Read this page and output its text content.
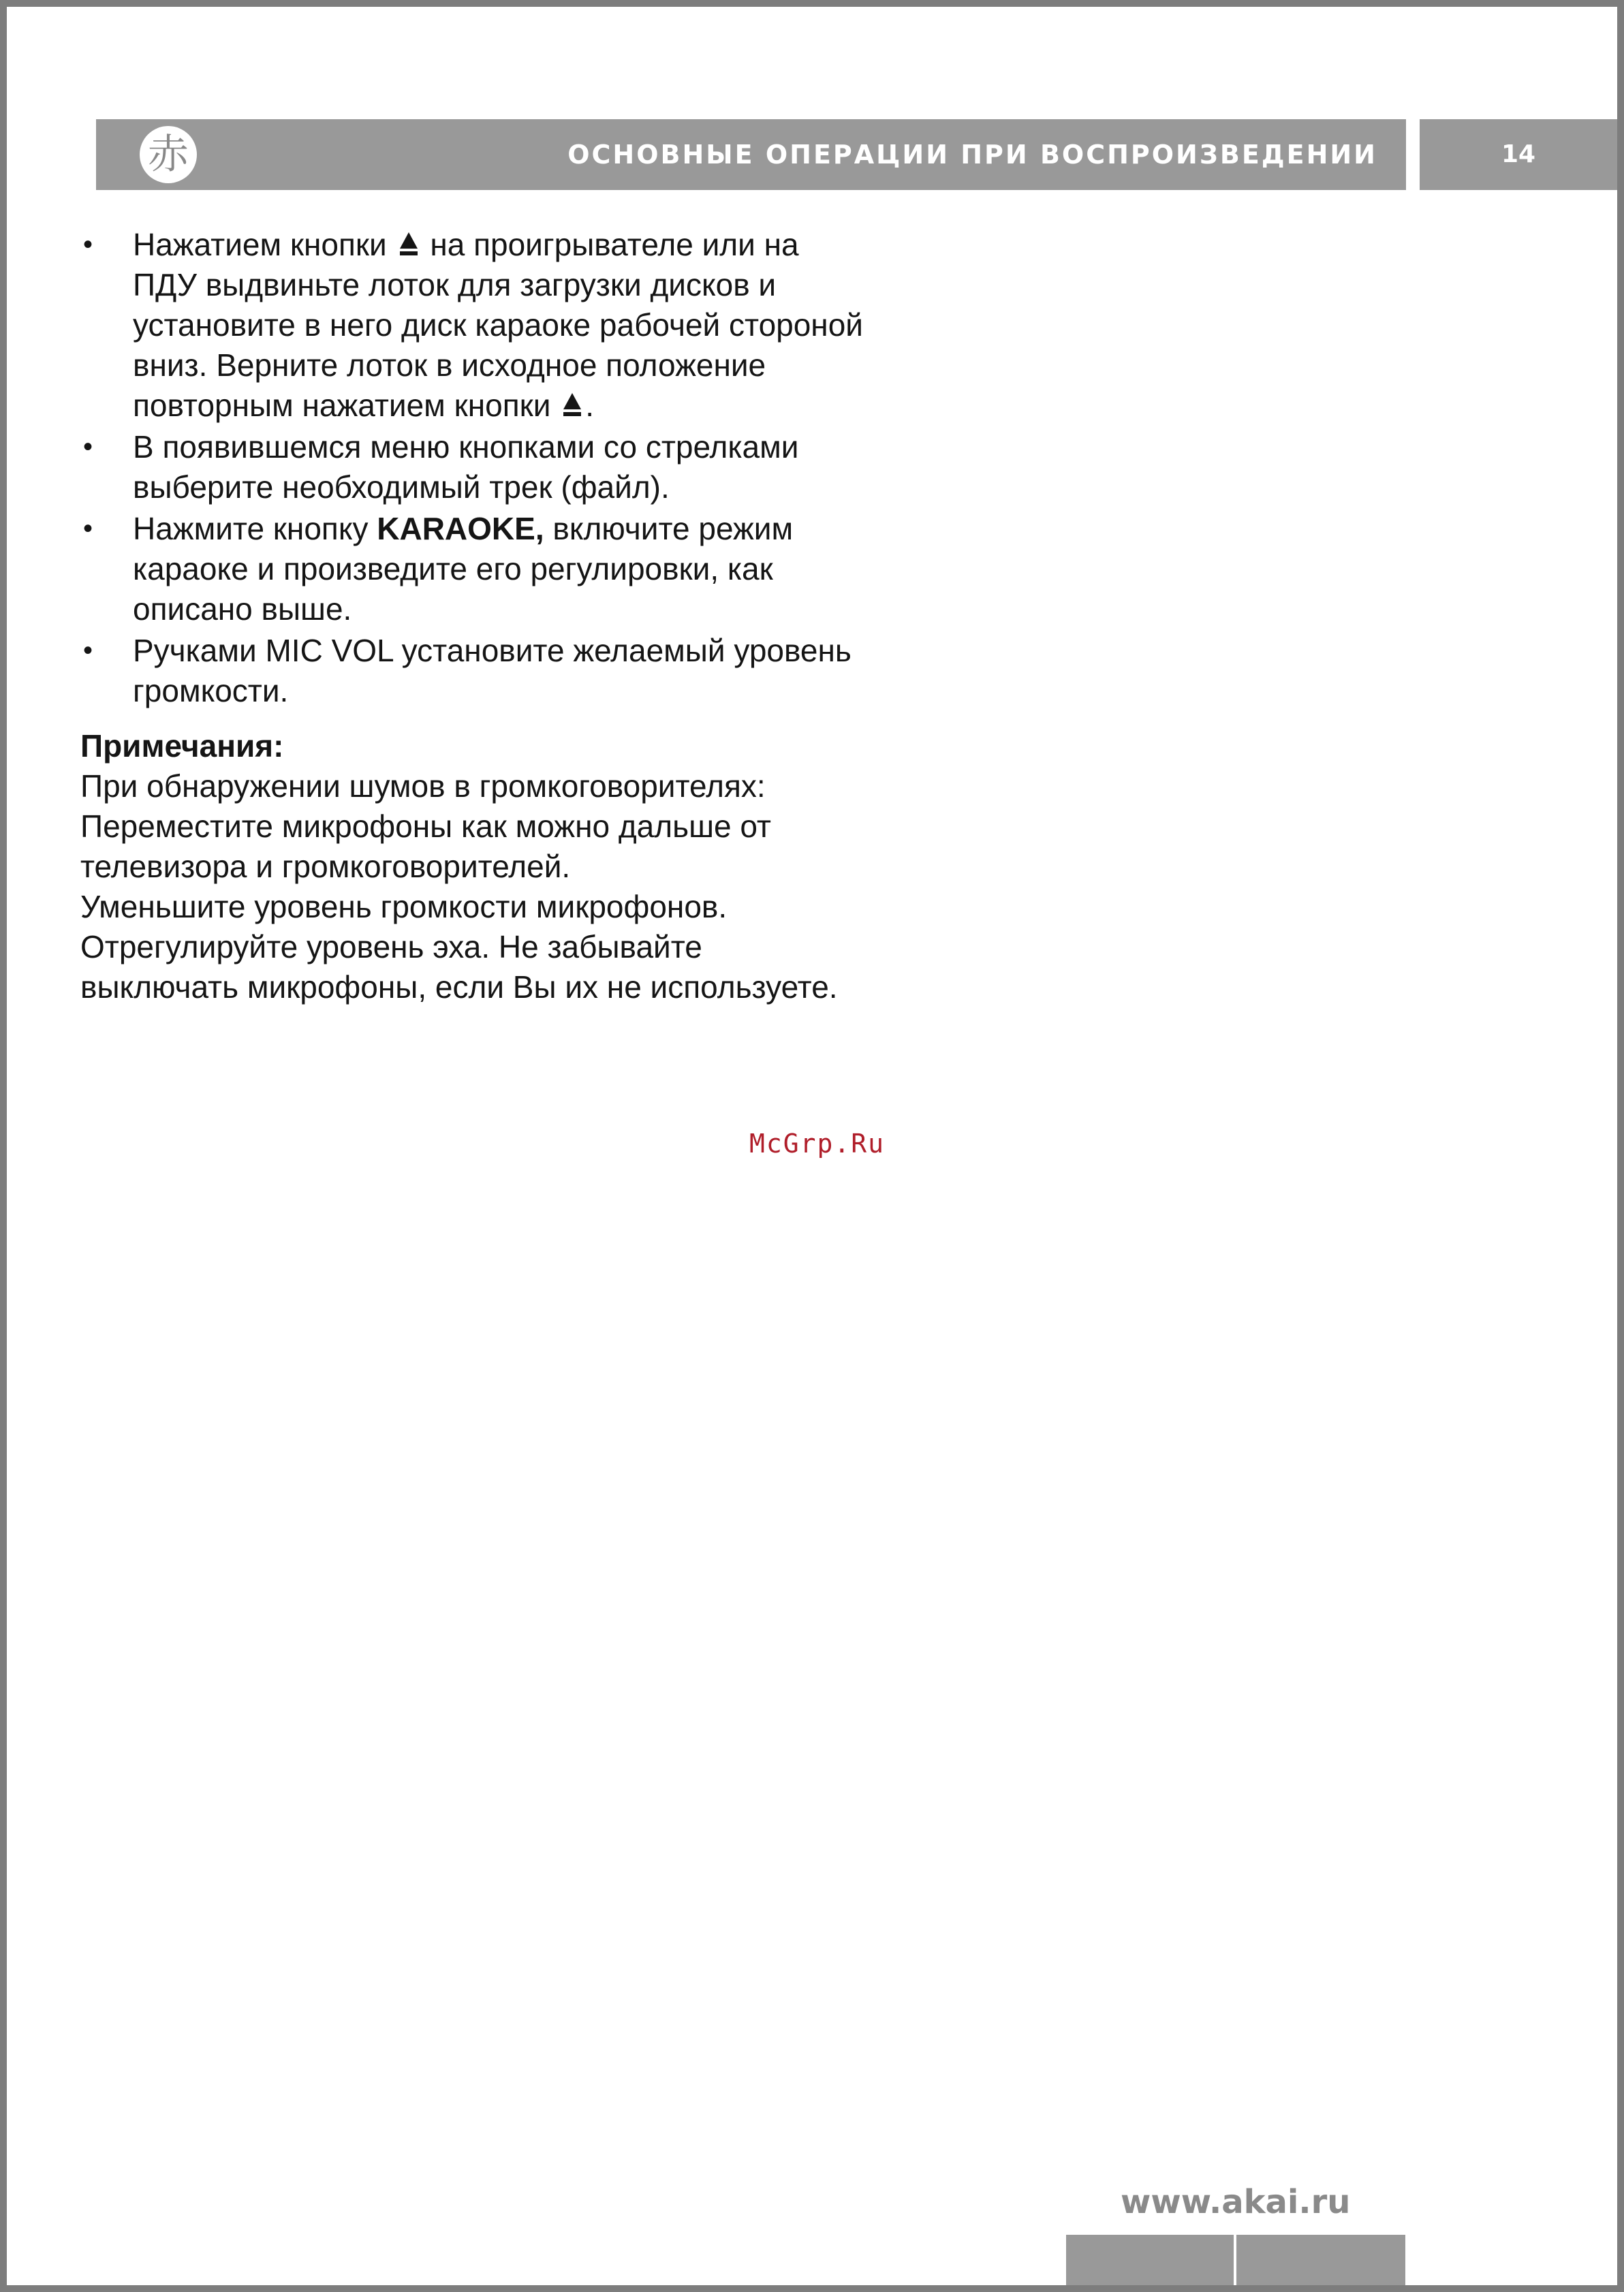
赤	ОСНОВНЫЕ ОПЕРАЦИИ ПРИ ВОСПРОИЗВЕДЕНИИ	14
• Нажатием кнопки на проигрывателе или на ПДУ выдвиньте лоток для загрузки дисков и установите в него диск караоке рабочей стороной вниз. Верните лоток в исходное положение повторным нажатием кнопки .
• В появившемся меню кнопками со стрелками выберите необходимый трек (файл).
• Нажмите кнопку KARAOKE, включите режим караоке и произведите его регулировки, как описано выше.
• Ручками MIC VOL установите желаемый уровень громкости.

Примечания:

При обнаружении шумов в громкоговорителях:

Переместите микрофоны как можно дальше от телевизора и громкоговорителей.

Уменьшите уровень громкости микрофонов.

Отрегулируйте уровень эха. Не забывайте выключать микрофоны, если Вы их не используете.

McGrp.Ru
www.akai.ru
